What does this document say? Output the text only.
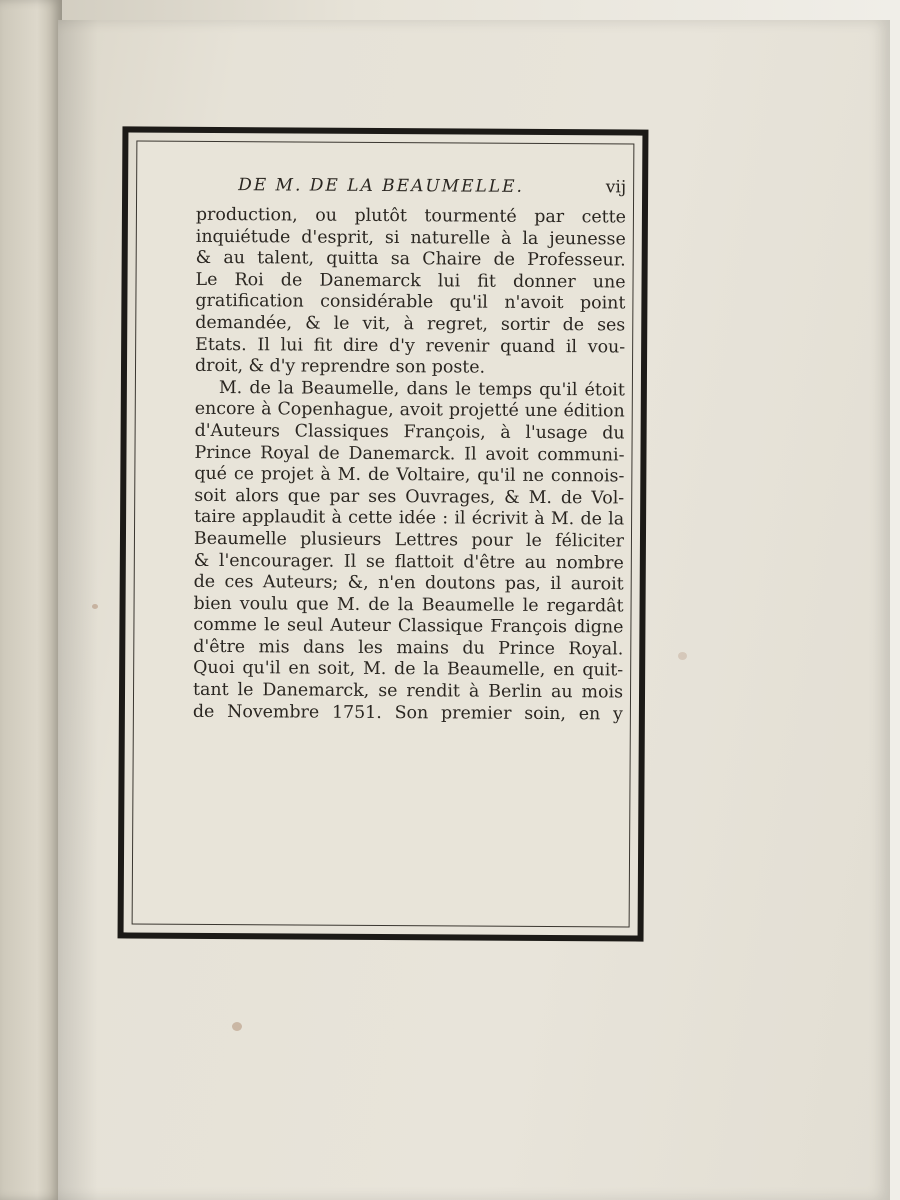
DE M. DE LA BEAUMELLE.	vij
production, ou plutôt tourmenté par cette
inquiétude d'esprit, si naturelle à la jeunesse
& au talent, quitta sa Chaire de Professeur.
Le Roi de Danemarck lui fit donner une
gratification considérable qu'il n'avoit point
demandée, & le vit, à regret, sortir de ses
Etats. Il lui fit dire d'y revenir quand il vou-
droit, & d'y reprendre son poste.
M. de la Beaumelle, dans le temps qu'il étoit
encore à Copenhague, avoit projetté une édition
d'Auteurs Classiques François, à l'usage du
Prince Royal de Danemarck. Il avoit communi-
qué ce projet à M. de Voltaire, qu'il ne connois-
soit alors que par ses Ouvrages, & M. de Vol-
taire applaudit à cette idée : il écrivit à M. de la
Beaumelle plusieurs Lettres pour le féliciter
& l'encourager. Il se flattoit d'être au nombre
de ces Auteurs; &, n'en doutons pas, il auroit
bien voulu que M. de la Beaumelle le regardât
comme le seul Auteur Classique François digne
d'être mis dans les mains du Prince Royal.
Quoi qu'il en soit, M. de la Beaumelle, en quit-
tant le Danemarck, se rendit à Berlin au mois
de Novembre 1751. Son premier soin, en y
